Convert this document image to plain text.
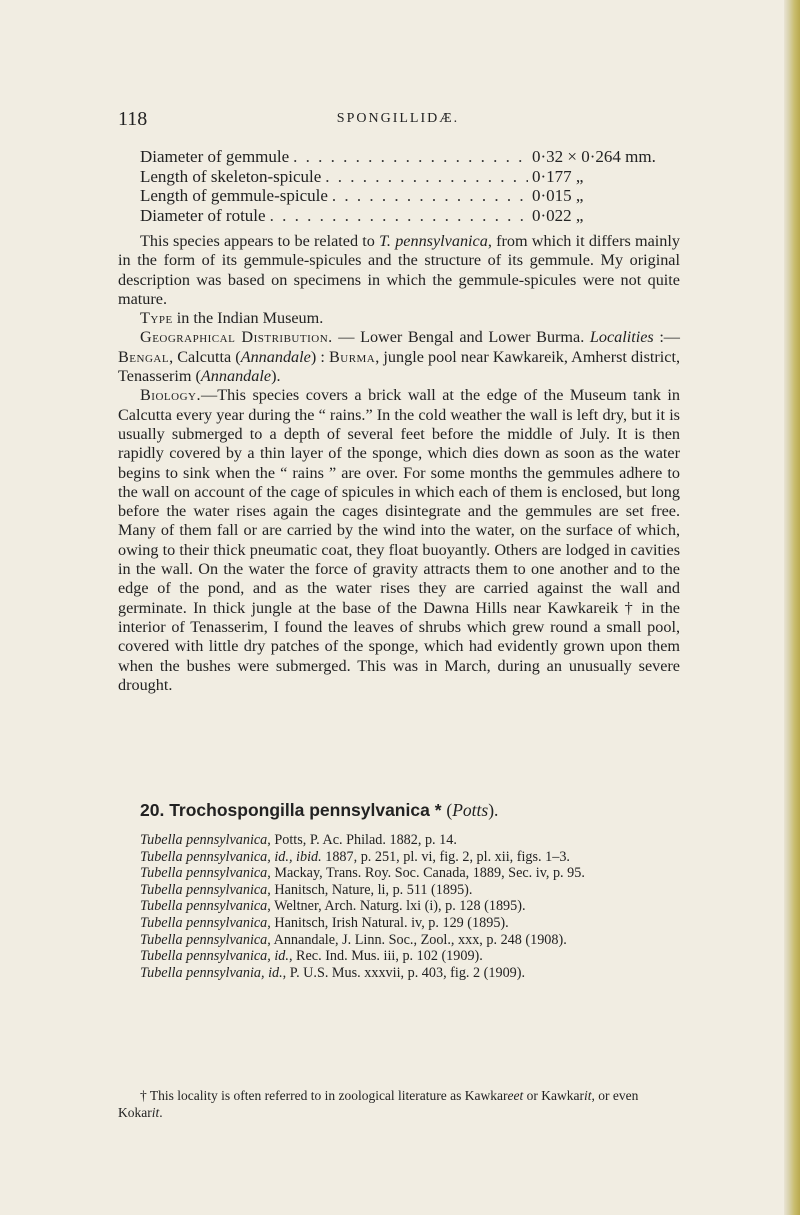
118	SPONGILLIDÆ.
Diameter of gemmule . . .	0·32 × 0·264 mm.
Length of skeleton-spicule . . .	0·177 „
Length of gemmule-spicule . . .	0·015 „
Diameter of rotule . . .	0·022 „

This species appears to be related to T. pennsylvanica, from which it differs mainly in the form of its gemmule-spicules and the structure of its gemmule. My original description was based on specimens in which the gemmule-spicules were not quite mature.

Type in the Indian Museum.

Geographical Distribution. — Lower Bengal and Lower Burma. Localities :—Bengal, Calcutta (Annandale) : Burma, jungle pool near Kawkareik, Amherst district, Tenasserim (Annandale).

Biology.—This species covers a brick wall at the edge of the Museum tank in Calcutta every year during the “ rains.” In the cold weather the wall is left dry, but it is usually submerged to a depth of several feet before the middle of July. It is then rapidly covered by a thin layer of the sponge, which dies down as soon as the water begins to sink when the “ rains ” are over. For some months the gemmules adhere to the wall on account of the cage of spicules in which each of them is enclosed, but long before the water rises again the cages disintegrate and the gemmules are set free. Many of them fall or are carried by the wind into the water, on the surface of which, owing to their thick pneumatic coat, they float buoyantly. Others are lodged in cavities in the wall. On the water the force of gravity attracts them to one another and to the edge of the pond, and as the water rises they are carried against the wall and germinate. In thick jungle at the base of the Dawna Hills near Kawkareik † in the interior of Tenasserim, I found the leaves of shrubs which grew round a small pool, covered with little dry patches of the sponge, which had evidently grown upon them when the bushes were submerged. This was in March, during an unusually severe drought.

20. Trochospongilla pennsylvanica * (Potts).

Tubella pennsylvanica, Potts, P. Ac. Philad. 1882, p. 14.

Tubella pennsylvanica, id., ibid. 1887, p. 251, pl. vi, fig. 2, pl. xii, figs. 1–3.

Tubella pennsylvanica, Mackay, Trans. Roy. Soc. Canada, 1889, Sec. iv, p. 95.

Tubella pennsylvanica, Hanitsch, Nature, li, p. 511 (1895).

Tubella pennsylvanica, Weltner, Arch. Naturg. lxi (i), p. 128 (1895).

Tubella pennsylvanica, Hanitsch, Irish Natural. iv, p. 129 (1895).

Tubella pennsylvanica, Annandale, J. Linn. Soc., Zool., xxx, p. 248 (1908).

Tubella pennsylvanica, id., Rec. Ind. Mus. iii, p. 102 (1909).

Tubella pennsylvania, id., P. U.S. Mus. xxxvii, p. 403, fig. 2 (1909).

† This locality is often referred to in zoological literature as Kawkareet or Kawkarit, or even Kokarit.
